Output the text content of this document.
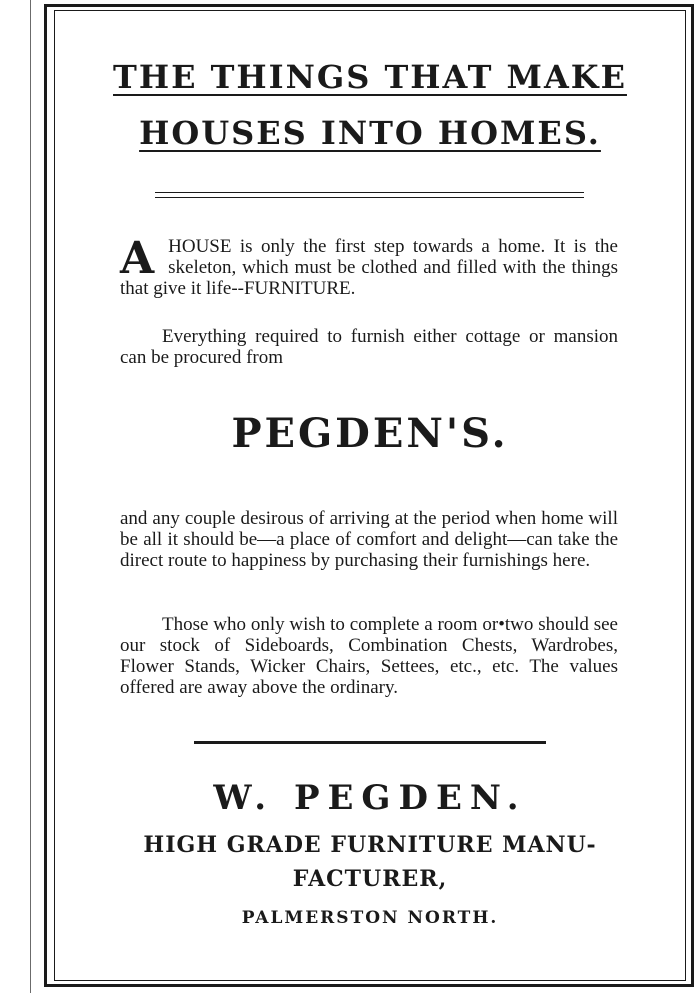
THE THINGS THAT MAKE
HOUSES INTO HOMES.

A HOUSE is only the first step towards a home. It is the skeleton, which must be clothed and filled with the things that give it life--FURNITURE.

Everything required to furnish either cottage or mansion can be procured from

PEGDEN'S.

and any couple desirous of arriving at the period when home will be all it should be—a place of comfort and delight—can take the direct route to happiness by purchasing their furnishings here.

Those who only wish to complete a room or•two should see our stock of Sideboards, Combination Chests, Wardrobes, Flower Stands, Wicker Chairs, Settees, etc., etc. The values offered are away above the ordinary.

W. PEGDEN.
HIGH GRADE FURNITURE MANU-
FACTURER,
PALMERSTON NORTH.
